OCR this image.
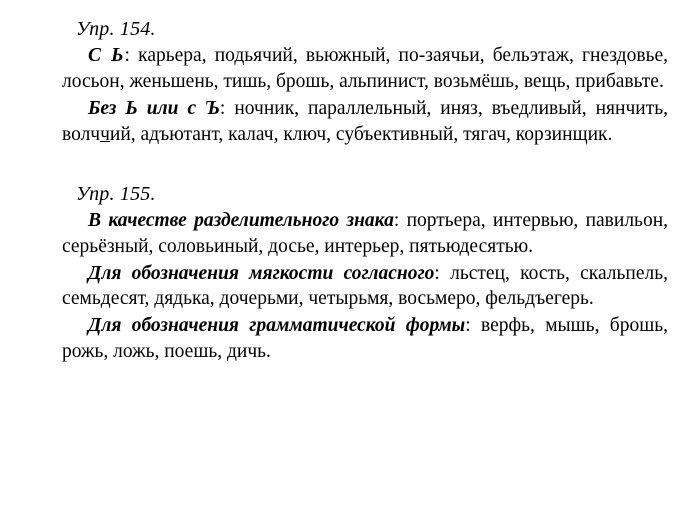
Упр. 154.

С Ь: карьера, подьячий, вьюжный, по-заячьи, бельэтаж, гнездовье, лосьон, женьшень, тишь, брошь, альпинист, возьмёшь, вещь, прибавьте.

Без Ь или с Ъ: ночник, параллельный, иняз, въедливый, нянчить, волччий, адъютант, калач, ключ, субъективный, тягач, корзинщик.

Упр. 155.

В качестве разделительного знака: портьера, интервью, павильон, серьёзный, соловьиный, досье, интерьер, пятьюдесятью.

Для обозначения мягкости согласного: льстец, кость, скальпель, семьдесят, дядька, дочерьми, четырьмя, восьмеро, фельдъегерь.

Для обозначения грамматической формы: верфь, мышь, брошь, рожь, ложь, поешь, дичь.
